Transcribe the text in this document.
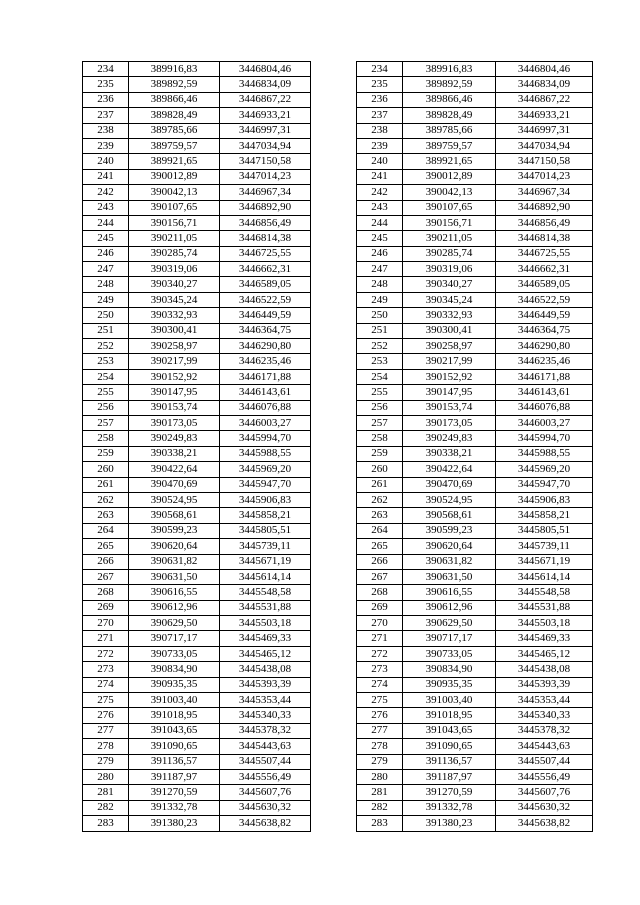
234	389916,83	3446804,46		234	389916,83	3446804,46
235	389892,59	3446834,09		235	389892,59	3446834,09
236	389866,46	3446867,22		236	389866,46	3446867,22
237	389828,49	3446933,21		237	389828,49	3446933,21
238	389785,66	3446997,31		238	389785,66	3446997,31
239	389759,57	3447034,94		239	389759,57	3447034,94
240	389921,65	3447150,58		240	389921,65	3447150,58
241	390012,89	3447014,23		241	390012,89	3447014,23
242	390042,13	3446967,34		242	390042,13	3446967,34
243	390107,65	3446892,90		243	390107,65	3446892,90
244	390156,71	3446856,49		244	390156,71	3446856,49
245	390211,05	3446814,38		245	390211,05	3446814,38
246	390285,74	3446725,55		246	390285,74	3446725,55
247	390319,06	3446662,31		247	390319,06	3446662,31
248	390340,27	3446589,05		248	390340,27	3446589,05
249	390345,24	3446522,59		249	390345,24	3446522,59
250	390332,93	3446449,59		250	390332,93	3446449,59
251	390300,41	3446364,75		251	390300,41	3446364,75
252	390258,97	3446290,80		252	390258,97	3446290,80
253	390217,99	3446235,46		253	390217,99	3446235,46
254	390152,92	3446171,88		254	390152,92	3446171,88
255	390147,95	3446143,61		255	390147,95	3446143,61
256	390153,74	3446076,88		256	390153,74	3446076,88
257	390173,05	3446003,27		257	390173,05	3446003,27
258	390249,83	3445994,70		258	390249,83	3445994,70
259	390338,21	3445988,55		259	390338,21	3445988,55
260	390422,64	3445969,20		260	390422,64	3445969,20
261	390470,69	3445947,70		261	390470,69	3445947,70
262	390524,95	3445906,83		262	390524,95	3445906,83
263	390568,61	3445858,21		263	390568,61	3445858,21
264	390599,23	3445805,51		264	390599,23	3445805,51
265	390620,64	3445739,11		265	390620,64	3445739,11
266	390631,82	3445671,19		266	390631,82	3445671,19
267	390631,50	3445614,14		267	390631,50	3445614,14
268	390616,55	3445548,58		268	390616,55	3445548,58
269	390612,96	3445531,88		269	390612,96	3445531,88
270	390629,50	3445503,18		270	390629,50	3445503,18
271	390717,17	3445469,33		271	390717,17	3445469,33
272	390733,05	3445465,12		272	390733,05	3445465,12
273	390834,90	3445438,08		273	390834,90	3445438,08
274	390935,35	3445393,39		274	390935,35	3445393,39
275	391003,40	3445353,44		275	391003,40	3445353,44
276	391018,95	3445340,33		276	391018,95	3445340,33
277	391043,65	3445378,32		277	391043,65	3445378,32
278	391090,65	3445443,63		278	391090,65	3445443,63
279	391136,57	3445507,44		279	391136,57	3445507,44
280	391187,97	3445556,49		280	391187,97	3445556,49
281	391270,59	3445607,76		281	391270,59	3445607,76
282	391332,78	3445630,32		282	391332,78	3445630,32
283	391380,23	3445638,82		283	391380,23	3445638,82
